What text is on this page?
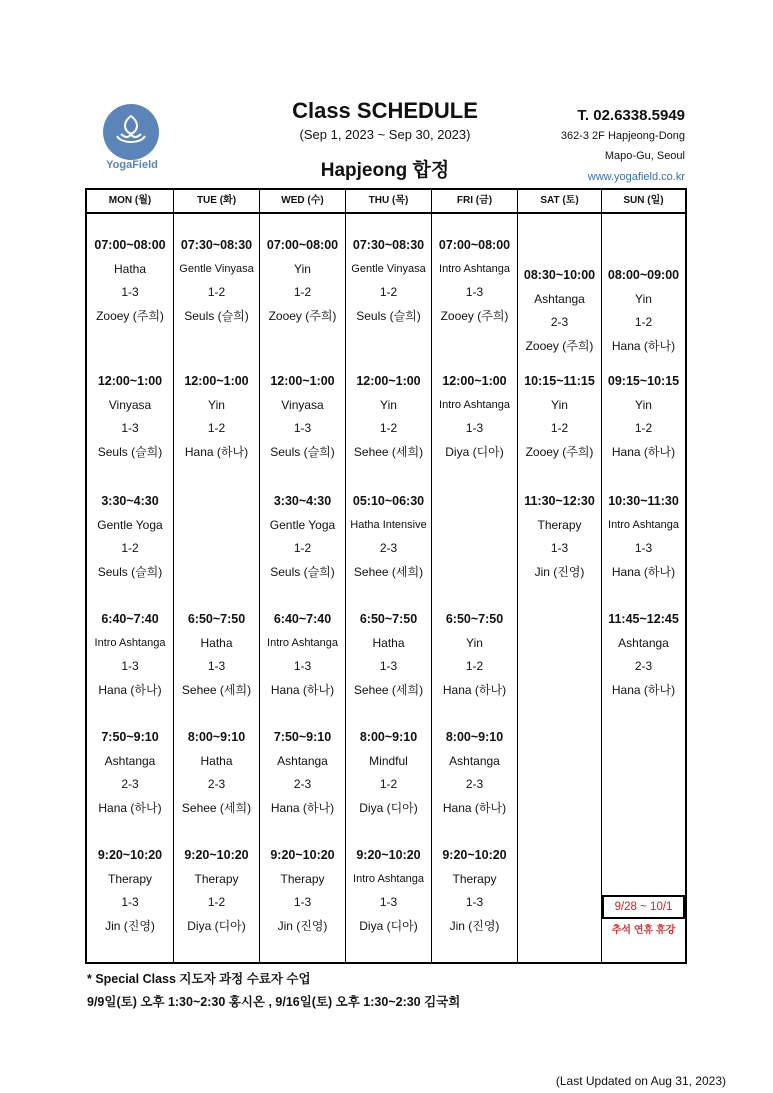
YogaField
Class SCHEDULE
(Sep 1, 2023 ~ Sep 30, 2023)
Hapjeong 합정
T. 02.6338.5949
362-3 2F Hapjeong-Dong
Mapo-Gu, Seoul
www.yogafield.co.kr
MON (월)
07:00~08:00
Hatha
1-3
Zooey (주희)
12:00~1:00
Vinyasa
1-3
Seuls (슬희)
3:30~4:30
Gentle Yoga
1-2
Seuls (슬희)
6:40~7:40
Intro Ashtanga
1-3
Hana (하나)
7:50~9:10
Ashtanga
2-3
Hana (하나)
9:20~10:20
Therapy
1-3
Jin (진영)
TUE (화)
07:30~08:30
Gentle Vinyasa
1-2
Seuls (슬희)
12:00~1:00
Yin
1-2
Hana (하나)
6:50~7:50
Hatha
1-3
Sehee (세희)
8:00~9:10
Hatha
2-3
Sehee (세희)
9:20~10:20
Therapy
1-2
Diya (디아)
WED (수)
07:00~08:00
Yin
1-2
Zooey (주희)
12:00~1:00
Vinyasa
1-3
Seuls (슬희)
3:30~4:30
Gentle Yoga
1-2
Seuls (슬희)
6:40~7:40
Intro Ashtanga
1-3
Hana (하나)
7:50~9:10
Ashtanga
2-3
Hana (하나)
9:20~10:20
Therapy
1-3
Jin (진영)
THU (목)
07:30~08:30
Gentle Vinyasa
1-2
Seuls (슬희)
12:00~1:00
Yin
1-2
Sehee (세희)
05:10~06:30
Hatha Intensive
2-3
Sehee (세희)
6:50~7:50
Hatha
1-3
Sehee (세희)
8:00~9:10
Mindful
1-2
Diya (디아)
9:20~10:20
Intro Ashtanga
1-3
Diya (디아)
FRI (금)
07:00~08:00
Intro Ashtanga
1-3
Zooey (주희)
12:00~1:00
Intro Ashtanga
1-3
Diya (디아)
6:50~7:50
Yin
1-2
Hana (하나)
8:00~9:10
Ashtanga
2-3
Hana (하나)
9:20~10:20
Therapy
1-3
Jin (진영)
SAT (토)
08:30~10:00
Ashtanga
2-3
Zooey (주희)
10:15~11:15
Yin
1-2
Zooey (주희)
11:30~12:30
Therapy
1-3
Jin (진영)
SUN (일)
08:00~09:00
Yin
1-2
Hana (하나)
09:15~10:15
Yin
1-2
Hana (하나)
10:30~11:30
Intro Ashtanga
1-3
Hana (하나)
11:45~12:45
Ashtanga
2-3
Hana (하나)
9/28 ~ 10/1
추석 연휴 휴강
* Special Class 지도자 과정 수료자 수업
9/9일(토) 오후 1:30~2:30 홍시온 , 9/16일(토) 오후 1:30~2:30 김국희
(Last Updated on Aug 31, 2023)
